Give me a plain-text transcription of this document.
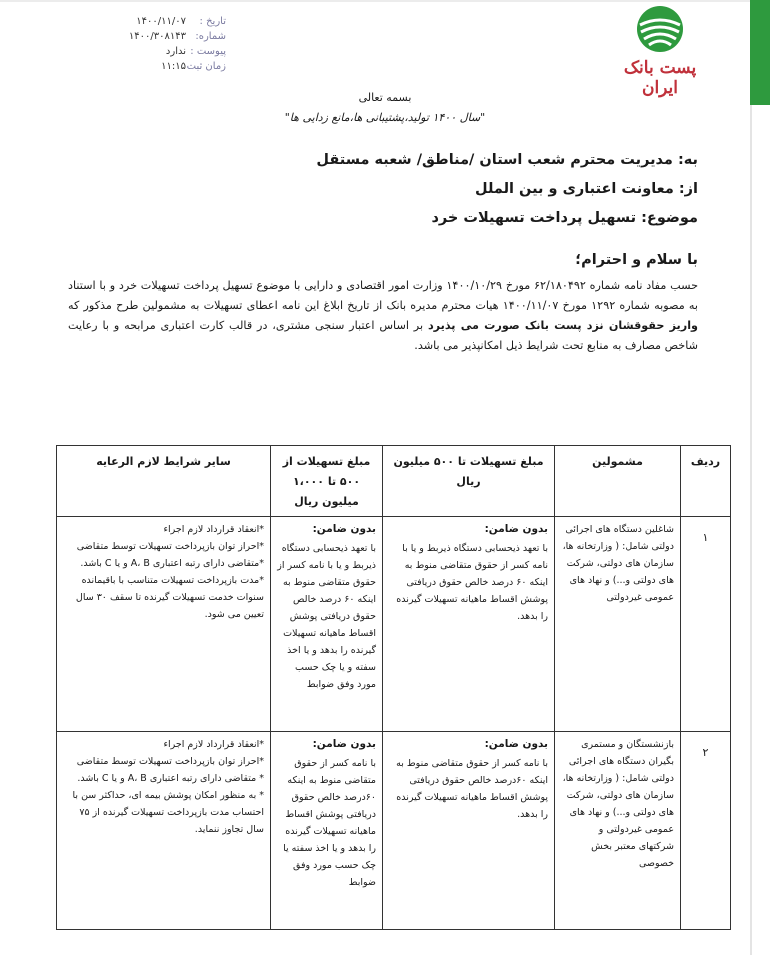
پست بانک ایران
تاریخ :۱۴۰۰/۱۱/۰۷
شماره:۱۴۰۰/۳۰۸۱۴۳
پیوست :ندارد
زمان ثبت۱۱:۱۵
بسمه تعالی
"سال ۱۴۰۰ تولید،پشتیبانی ها،مانع زدایی ها"
به: مدیریت محترم شعب استان /مناطق/ شعبه مستقل
از: معاونت اعتباری و بین الملل
موضوع: تسهیل پرداخت تسهیلات خرد
با سلام و احترام؛
حسب مفاد نامه شماره ۶۲/۱۸۰۴۹۲ مورخ ۱۴۰۰/۱۰/۲۹ وزارت امور اقتصادی و دارایی با موضوع تسهیل پرداخت تسهیلات خرد و با استناد به مصوبه شماره ۱۲۹۲ مورخ ۱۴۰۰/۱۱/۰۷ هیات محترم مدیره بانک از تاریخ ابلاغ این نامه اعطای تسهیلات به مشمولین طرح مذکور که واریز حقوقشان نزد پست بانک صورت می پذیرد بر اساس اعتبار سنجی مشتری، در قالب کارت اعتباری مرابحه و با رعایت شاخص مصارف به منابع تحت شرایط ذیل امکانپذیر می باشد.
ردیف	مشمولین	مبلغ تسهیلات تا ۵۰۰ میلیون ریال	مبلغ تسهیلات از ۵۰۰ تا ۱،۰۰۰ میلیون ریال	سایر شرایط لازم الرعایه
۱	شاغلین دستگاه های اجرائی دولتی شامل: ( وزارتخانه ها، سازمان های دولتی، شرکت های دولتی و...) و نهاد های عمومی غیردولتی	بدون ضامن:
با تعهد ذیحسابی دستگاه ذیربط و یا با نامه کسر از حقوق متقاضی منوط به اینکه ۶۰ درصد خالص حقوق دریافتی پوشش اقساط ماهیانه تسهیلات گیرنده را بدهد.	بدون ضامن:
با تعهد ذیحسابی دستگاه ذیربط و یا با نامه کسر از حقوق متقاضی منوط به اینکه ۶۰ درصد خالص حقوق دریافتی پوشش اقساط ماهیانه تسهیلات گیرنده را بدهد و یا اخذ سفته و یا چک حسب مورد وفق ضوابط	*انعقاد قرارداد لازم اجراء
*احراز توان بازپرداخت تسهیلات توسط متقاضی
*متقاضی دارای رتبه اعتباری A، B و یا C باشد.
*مدت بازپرداخت تسهیلات متناسب با باقیمانده سنوات خدمت تسهیلات گیرنده تا سقف ۳۰ سال تعیین می شود.

۲	بازنشستگان و مستمری بگیران دستگاه های اجرائی دولتی شامل: ( وزارتخانه ها، سازمان های دولتی، شرکت های دولتی و...) و نهاد های عمومی غیردولتی و شرکتهای معتبر بخش خصوصی	بدون ضامن:
با نامه کسر از حقوق متقاضی منوط به اینکه ۶۰درصد خالص حقوق دریافتی پوشش اقساط ماهیانه تسهیلات گیرنده را بدهد.	بدون ضامن:
با نامه کسر از حقوق متقاضی منوط به اینکه ۶۰درصد خالص حقوق دریافتی پوشش اقساط ماهیانه تسهیلات گیرنده را بدهد و یا اخذ سفته یا چک حسب مورد وفق ضوابط	*انعقاد قرارداد لازم اجراء
*احراز توان بازپرداخت تسهیلات توسط متقاضی
* متقاضی دارای رتبه اعتباری A، B و یا C باشد.
* به منظور امکان پوشش بیمه ای، حداکثر سن با احتساب مدت بازپرداخت تسهیلات گیرنده از ۷۵ سال تجاوز ننماید.
